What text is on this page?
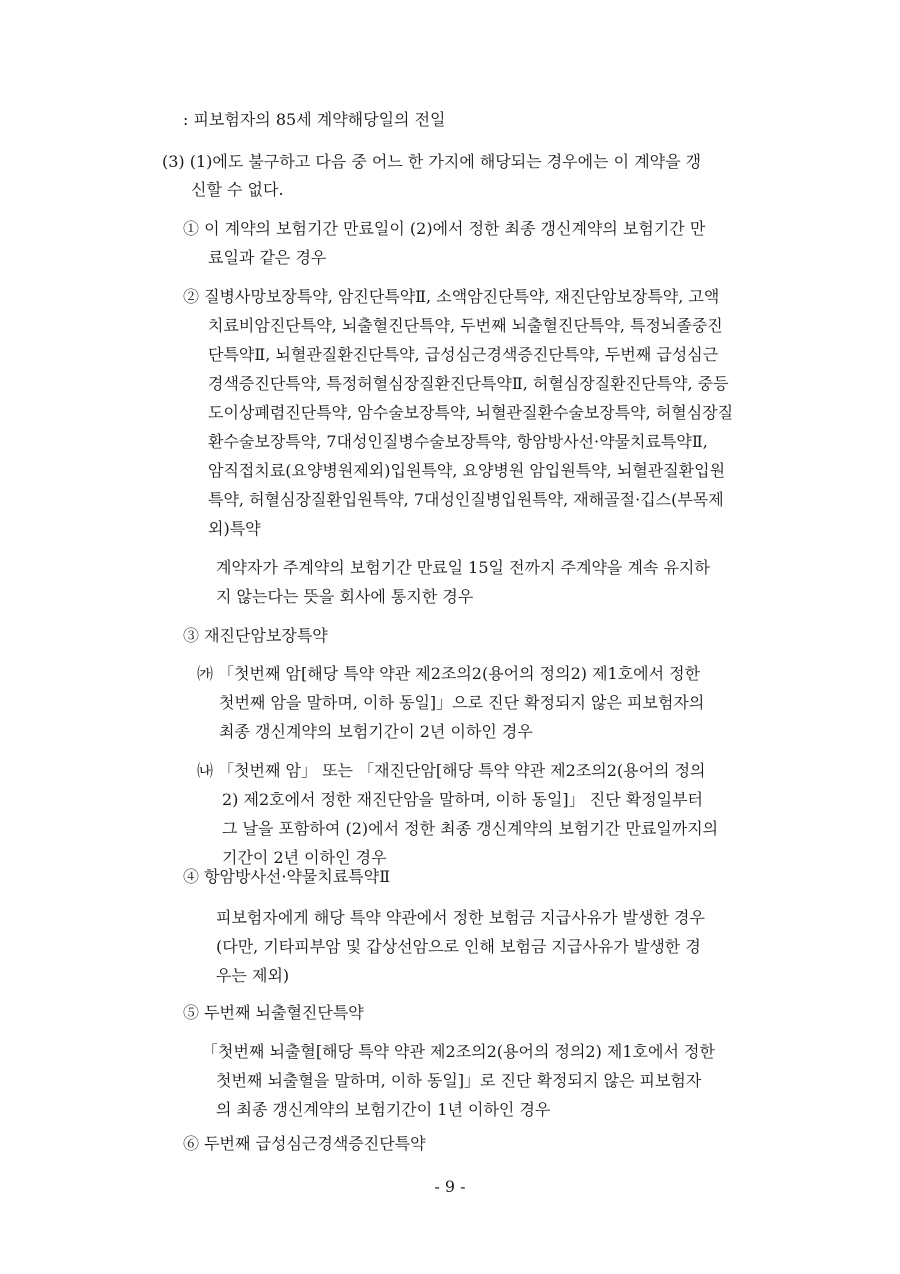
: 피보험자의 85세 계약해당일의 전일
(3) (1)에도 불구하고 다음 중 어느 한 가지에 해당되는 경우에는 이 계약을 갱
신할 수 없다.
① 이 계약의 보험기간 만료일이 (2)에서 정한 최종 갱신계약의 보험기간 만
료일과 같은 경우
② 질병사망보장특약, 암진단특약Ⅱ, 소액암진단특약, 재진단암보장특약, 고액
치료비암진단특약, 뇌출혈진단특약, 두번째 뇌출혈진단특약, 특정뇌졸중진
단특약Ⅱ, 뇌혈관질환진단특약, 급성심근경색증진단특약, 두번째 급성심근
경색증진단특약, 특정허혈심장질환진단특약Ⅱ, 허혈심장질환진단특약, 중등
도이상폐렴진단특약, 암수술보장특약, 뇌혈관질환수술보장특약, 허혈심장질
환수술보장특약, 7대성인질병수술보장특약, 항암방사선·약물치료특약Ⅱ,
암직접치료(요양병원제외)입원특약, 요양병원 암입원특약, 뇌혈관질환입원
특약, 허혈심장질환입원특약, 7대성인질병입원특약, 재해골절·깁스(부목제
외)특약
계약자가 주계약의 보험기간 만료일 15일 전까지 주계약을 계속 유지하
지 않는다는 뜻을 회사에 통지한 경우
③ 재진단암보장특약
㈎ 「첫번째 암[해당 특약 약관 제2조의2(용어의 정의2) 제1호에서 정한
첫번째 암을 말하며, 이하 동일]」으로 진단 확정되지 않은 피보험자의
최종 갱신계약의 보험기간이 2년 이하인 경우
㈏ 「첫번째 암」 또는 「재진단암[해당 특약 약관 제2조의2(용어의 정의
2) 제2호에서 정한 재진단암을 말하며, 이하 동일]」 진단 확정일부터
그 날을 포함하여 (2)에서 정한 최종 갱신계약의 보험기간 만료일까지의
기간이 2년 이하인 경우
④ 항암방사선·약물치료특약Ⅱ
피보험자에게 해당 특약 약관에서 정한 보험금 지급사유가 발생한 경우
(다만, 기타피부암 및 갑상선암으로 인해 보험금 지급사유가 발생한 경
우는 제외)
⑤ 두번째 뇌출혈진단특약
「첫번째 뇌출혈[해당 특약 약관 제2조의2(용어의 정의2) 제1호에서 정한
첫번째 뇌출혈을 말하며, 이하 동일]」로 진단 확정되지 않은 피보험자
의 최종 갱신계약의 보험기간이 1년 이하인 경우
⑥ 두번째 급성심근경색증진단특약
- 9 -
